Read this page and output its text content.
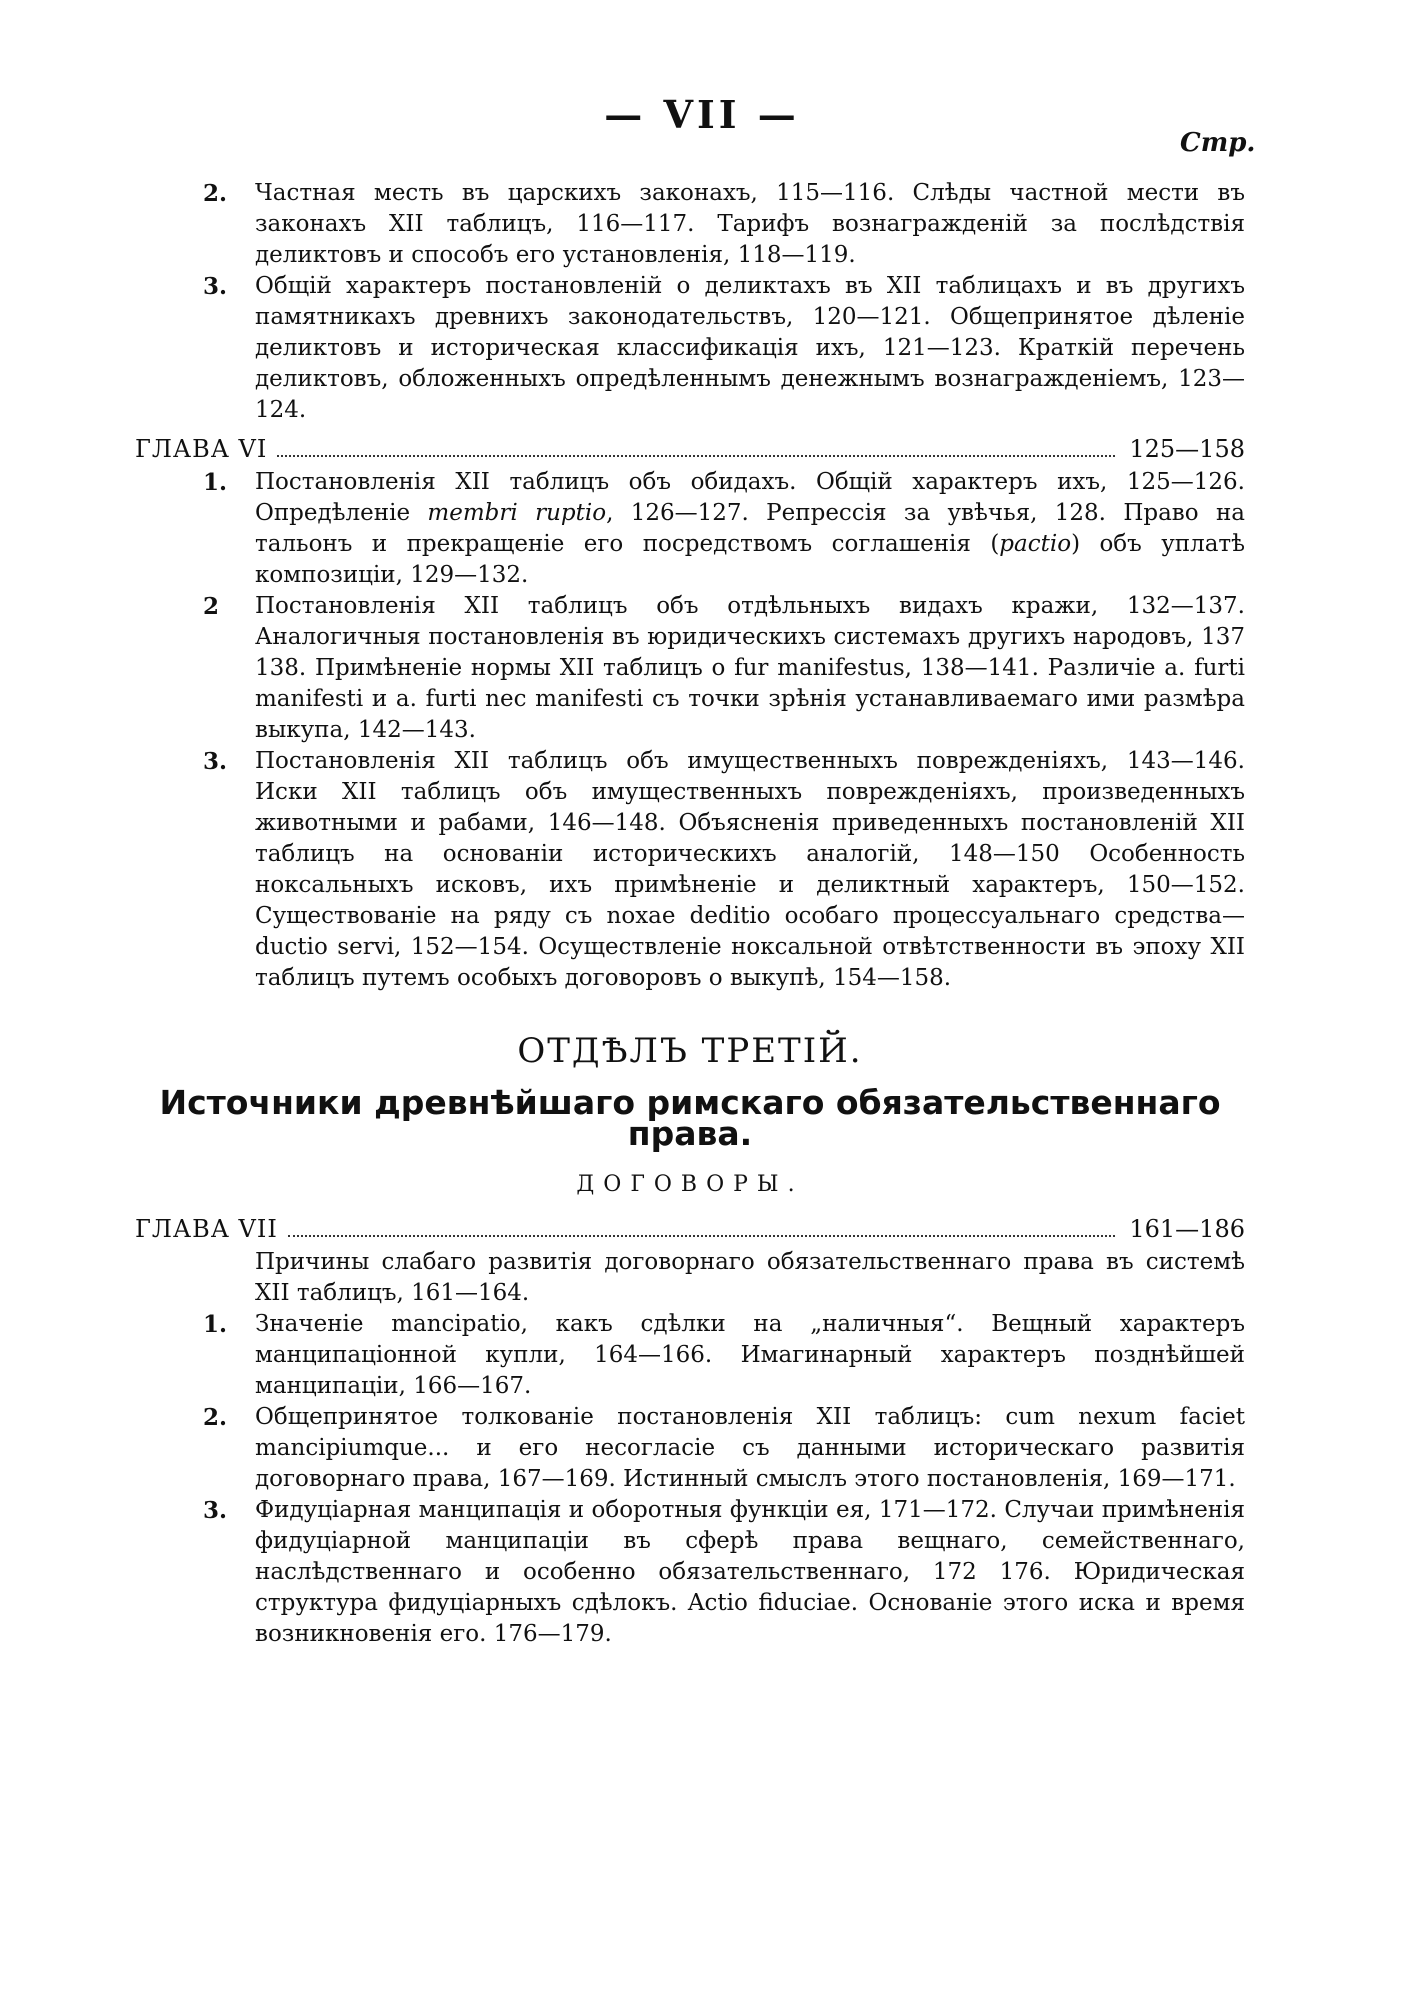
— VII —
Стр.

2. Частная месть въ царскихъ законахъ, 115—116. Слѣды частной мести въ законахъ XII таблицъ, 116—117. Тарифъ вознагражденій за послѣдствія деликтовъ и способъ его установленія, 118—119.

3. Общій характеръ постановленій о деликтахъ въ XII таблицахъ и въ другихъ памятникахъ древнихъ законодательствъ, 120—121. Общепринятое дѣленіе деликтовъ и историческая классификація ихъ, 121—123. Краткій перечень деликтовъ, обложенныхъ опредѣленнымъ денежнымъ вознагражденіемъ, 123—124.

ГЛАВА VI	125—158

1. Постановленія XII таблицъ объ обидахъ. Общій характеръ ихъ, 125—126. Опредѣленіе membri ruptio, 126—127. Репрессія за увѣчья, 128. Право на тальонъ и прекращеніе его посредствомъ соглашенія (pactio) объ уплатѣ композиціи, 129—132.

2 Постановленія XII таблицъ объ отдѣльныхъ видахъ кражи, 132—137. Аналогичныя постановленія въ юридическихъ системахъ другихъ народовъ, 137 138. Примѣненіе нормы XII таблицъ о fur manifestus, 138—141. Различіе a. furti manifesti и a. furti nec manifesti съ точки зрѣнія устанавливаемаго ими размѣра выкупа, 142—143.

3. Постановленія XII таблицъ объ имущественныхъ поврежденіяхъ, 143—146. Иски XII таблицъ объ имущественныхъ поврежденіяхъ, произведенныхъ животными и рабами, 146—148. Объясненія приведенныхъ постановленій XII таблицъ на основаніи историческихъ аналогій, 148—150 Особенность ноксальныхъ исковъ, ихъ примѣненіе и деликтный характеръ, 150—152. Существованіе на ряду съ noxae deditio особаго процессуальнаго средства—ductio servi, 152—154. Осуществленіе ноксальной отвѣтственности въ эпоху XII таблицъ путемъ особыхъ договоровъ о выкупѣ, 154—158.

ОТДѢЛЪ ТРЕТІЙ.
Источники древнѣйшаго римскаго обязательственнаго права.
ДОГОВОРЫ.
ГЛАВА VII	161—186

Причины слабаго развитія договорнаго обязательственнаго права въ системѣ XII таблицъ, 161—164.

1. Значеніе mancipatio, какъ сдѣлки на „наличныя“. Вещный характеръ манципаціонной купли, 164—166. Имагинарный характеръ позднѣйшей манципаціи, 166—167.

2. Общепринятое толкованіе постановленія XII таблицъ: cum nexum faciet mancipiumque... и его несогласіе съ данными историческаго развитія договорнаго права, 167—169. Истинный смыслъ этого постановленія, 169—171.

3. Фидуціарная манципація и оборотныя функціи ея, 171—172. Случаи примѣненія фидуціарной манципаціи въ сферѣ права вещнаго, семейственнаго, наслѣдственнаго и особенно обязательственнаго, 172 176. Юридическая структура фидуціарныхъ сдѣлокъ. Actio fiduciae. Основаніе этого иска и время возникновенія его. 176—179.
